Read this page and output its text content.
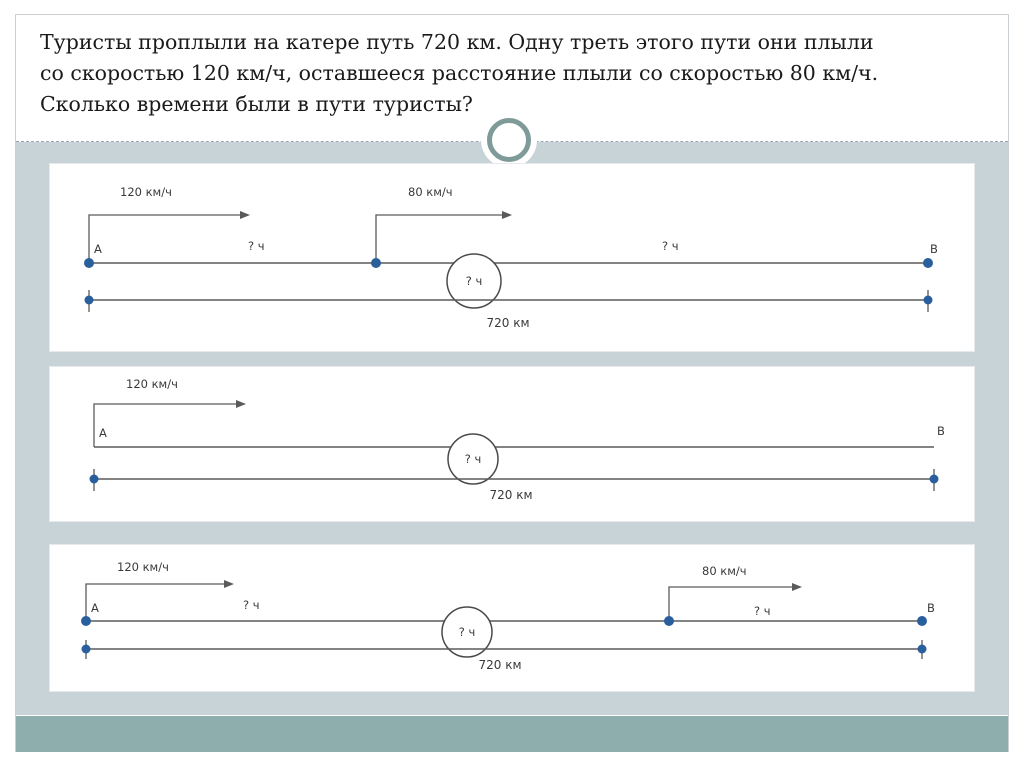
Туристы проплыли на катере путь 720 км. Одну треть этого пути они плыли
со скоростью 120 км/ч, оставшееся расстояние плыли со скоростью 80 км/ч.
Сколько времени были в пути туристы?
120 км/ч	80 км/ч
? ч	? ч
A	B
? ч
720 км
120 км/ч
A	B
? ч
720 км
120 км/ч	80 км/ч
? ч	? ч
A	B
? ч
720 км
